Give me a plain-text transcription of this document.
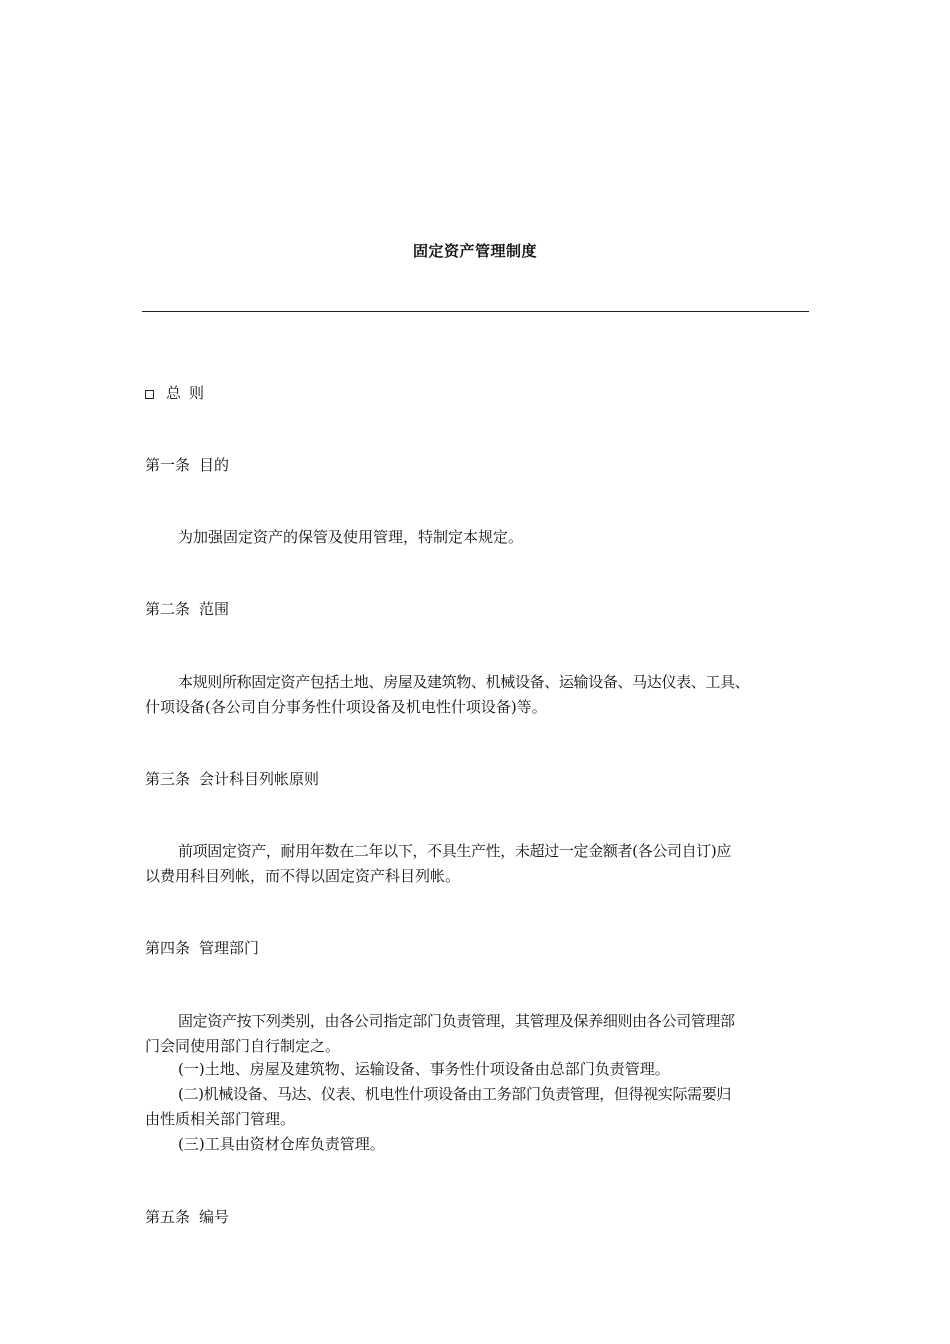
固定资产管理制度
总则
第一条 目的
为加强固定资产的保管及使用管理，特制定本规定。
第二条 范围
本规则所称固定资产包括土地、房屋及建筑物、机械设备、运输设备、马达仪表、工具、
什项设备(各公司自分事务性什项设备及机电性什项设备)等。
第三条 会计科目列帐原则
前项固定资产，耐用年数在二年以下，不具生产性，未超过一定金额者(各公司自订)应
以费用科目列帐，而不得以固定资产科目列帐。
第四条 管理部门
固定资产按下列类别，由各公司指定部门负责管理，其管理及保养细则由各公司管理部
门会同使用部门自行制定之。
(一)土地、房屋及建筑物、运输设备、事务性什项设备由总部门负责管理。
(二)机械设备、马达、仪表、机电性什项设备由工务部门负责管理，但得视实际需要归
由性质相关部门管理。
(三)工具由资材仓库负责管理。
第五条 编号
